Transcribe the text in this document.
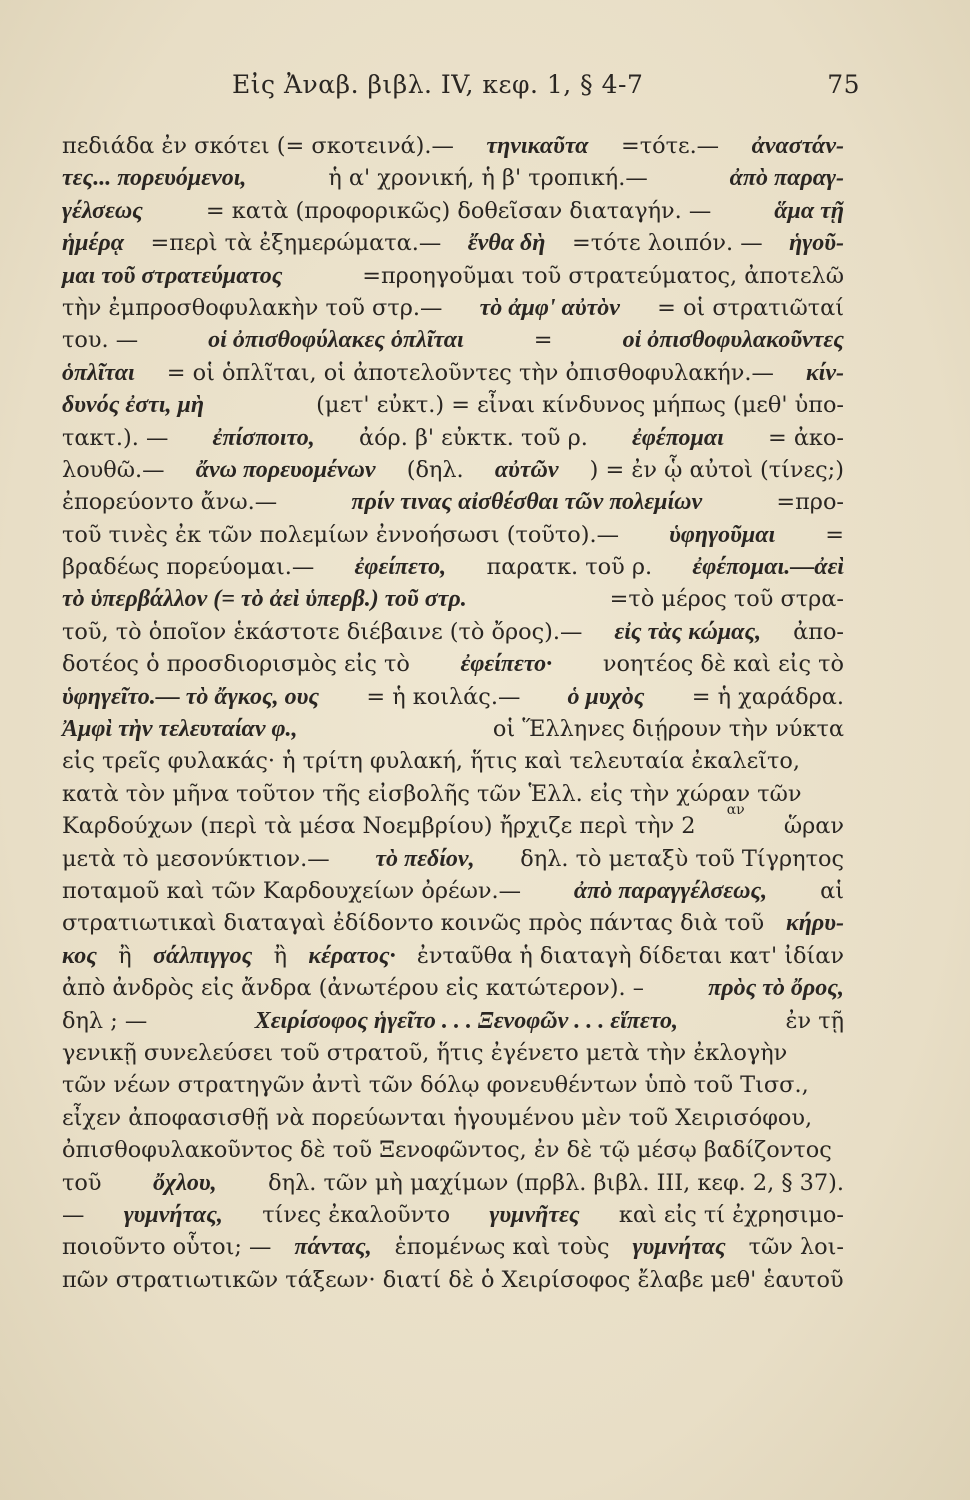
Εἰς Ἀναβ. βιβλ. IV, κεφ. 1, § 4-7	75
πεδιάδα ἐν σκότει (= σκοτεινά).— τηνικαῦτα =τότε.— ἀναστάν-
τες... πορευόμενοι,	ἡ α' χρονική, ἡ β' τροπική.—	ἀπὸ παραγ-
γέλσεως	= κατὰ (προφορικῶς) δοθεῖσαν διαταγήν. —	ἅμα τῇ
ἡμέρᾳ =περὶ τὰ ἐξημερώματα.— ἔνθα δὴ =τότε λοιπόν. — ἡγοῦ-
μαι τοῦ στρατεύματος	=προηγοῦμαι τοῦ στρατεύματος, ἀποτελῶ
τὴν ἐμπροσθοφυλακὴν τοῦ στρ.— τὸ ἀμφ' αὐτὸν = οἱ στρατιῶταί
του. —	οἱ ὀπισθοφύλακες ὁπλῖται	=	οἱ ὀπισθοφυλακοῦντες
ὁπλῖται = οἱ ὁπλῖται, οἱ ἀποτελοῦντες τὴν ὀπισθοφυλακήν.— κίν-
δυνός ἐστι, μὴ	(μετ' εὐκτ.) = εἶναι κίνδυνος μήπως (μεθ' ὑπο-
τακτ.). — ἐπίσποιτο, ἀόρ. β' εὐκτκ. τοῦ ρ. ἐφέπομαι = ἀκο-
λουθῶ.— ἄνω πορευομένων (δηλ. αὐτῶν ) = ἐν ᾧ αὐτοὶ (τίνες;)
ἐπορεύοντο ἄνω.—	πρίν τινας αἰσθέσθαι τῶν πολεμίων	=προ-
τοῦ τινὲς ἐκ τῶν πολεμίων ἐννοήσωσι (τοῦτο).— ὑφηγοῦμαι =
βραδέως πορεύομαι.— ἐφείπετο, παρατκ. τοῦ ρ. ἐφέπομαι.—ἀεὶ
τὸ ὑπερβάλλον (= τὸ ἀεὶ ὑπερβ.) τοῦ στρ.	=τὸ μέρος τοῦ στρα-
τοῦ, τὸ ὁποῖον ἑκάστοτε διέβαινε (τὸ ὄρος).— εἰς τὰς κώμας, ἀπο-
δοτέος ὁ προσδιορισμὸς εἰς τὸ ἐφείπετο· νοητέος δὲ καὶ εἰς τὸ
ὑφηγεῖτο.— τὸ ἄγκος, ους = ἡ κοιλάς.— ὁ μυχὸς = ἡ χαράδρα.
Ἀμφὶ τὴν τελευταίαν φ.,	οἱ Ἕλληνες διῄρουν τὴν νύκτα
εἰς τρεῖς φυλακάς· ἡ τρίτη φυλακή, ἥτις καὶ τελευταία ἐκαλεῖτο,
κατὰ τὸν μῆνα τοῦτον τῆς εἰσβολῆς τῶν Ἑλλ. εἰς τὴν χώραν τῶν
Καρδούχων (περὶ τὰ μέσα Νοεμβρίου) ἤρχιζε περὶ τὴν 2
αν
ὥραν
μετὰ τὸ μεσονύκτιον.— τὸ πεδίον, δηλ. τὸ μεταξὺ τοῦ Τίγρητος
ποταμοῦ καὶ τῶν Καρδουχείων ὀρέων.— ἀπὸ παραγγέλσεως, αἱ
στρατιωτικαὶ διαταγαὶ ἐδίδοντο κοινῶς πρὸς πάντας διὰ τοῦ κήρυ-
κος ἢ σάλπιγγος ἢ κέρατος· ἐνταῦθα ἡ διαταγὴ δίδεται κατ' ἰδίαν
ἀπὸ ἀνδρὸς εἰς ἄνδρα (ἀνωτέρου εἰς κατώτερον). –	πρὸς τὸ ὄρος,
δηλ ; —	Χειρίσοφος ἡγεῖτο . . . Ξενοφῶν . . . εἵπετο,	ἐν τῇ
γενικῇ συνελεύσει τοῦ στρατοῦ, ἥτις ἐγένετο μετὰ τὴν ἐκλογὴν
τῶν νέων στρατηγῶν ἀντὶ τῶν δόλῳ φονευθέντων ὑπὸ τοῦ Τισσ.,
εἶχεν ἀποφασισθῇ νὰ πορεύωνται ἡγουμένου μὲν τοῦ Χειρισόφου,
ὀπισθοφυλακοῦντος δὲ τοῦ Ξενοφῶντος, ἐν δὲ τῷ μέσῳ βαδίζοντος
τοῦ ὄχλου, δηλ. τῶν μὴ μαχίμων (πρβλ. βιβλ. III, κεφ. 2, § 37).
— γυμνήτας, τίνες ἐκαλοῦντο γυμνῆτες καὶ εἰς τί ἐχρησιμο-
ποιοῦντο οὗτοι; — πάντας, ἑπομένως καὶ τοὺς γυμνήτας τῶν λοι-
πῶν στρατιωτικῶν τάξεων· διατί δὲ ὁ Χειρίσοφος ἔλαβε μεθ' ἑαυτοῦ
